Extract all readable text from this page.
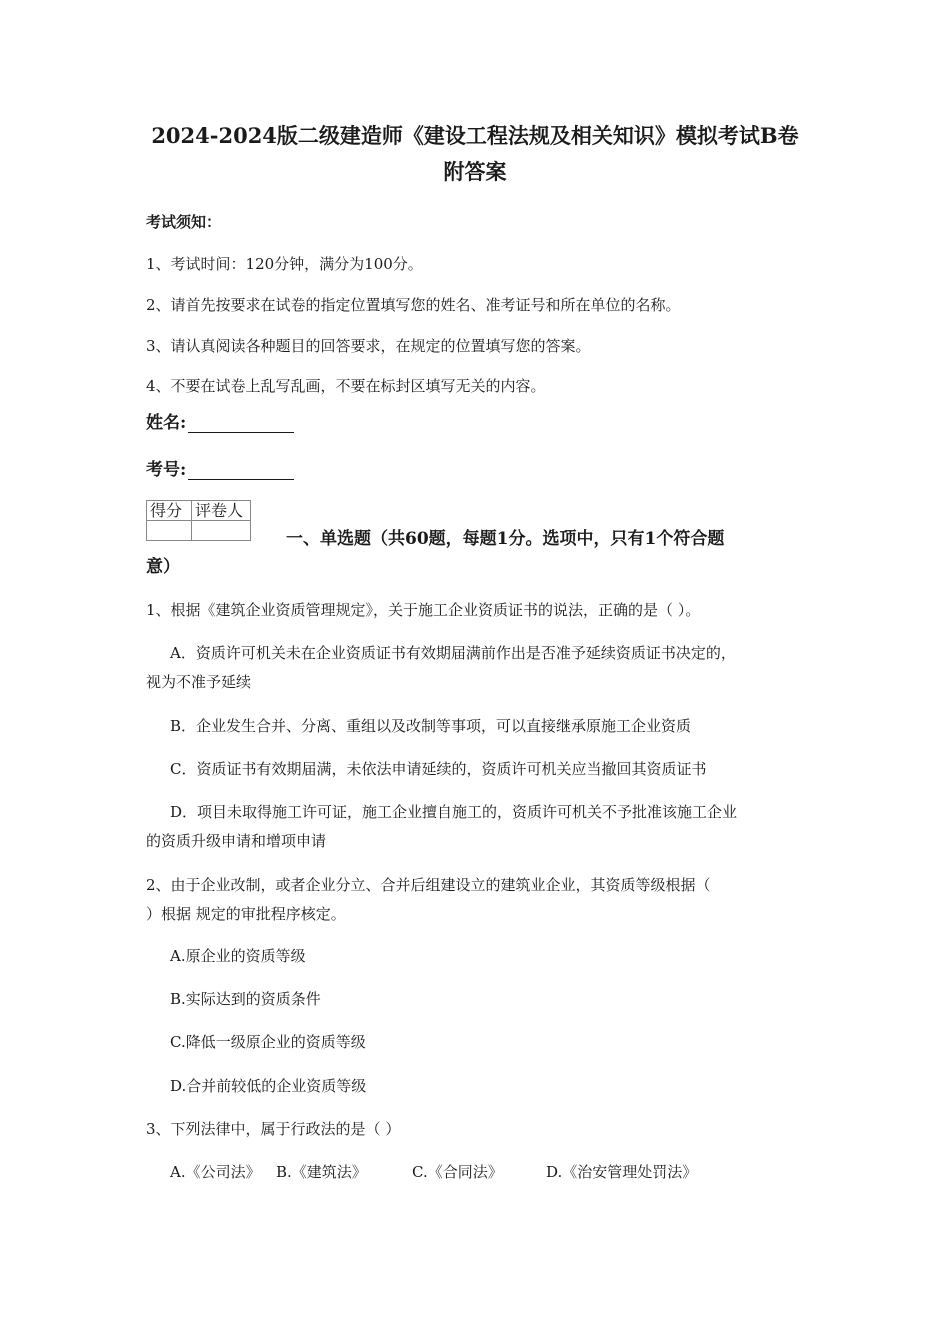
2024-2024版二级建造师《建设工程法规及相关知识》模拟考试B卷
附答案
考试须知：
1、考试时间：120分钟，满分为100分。
2、请首先按要求在试卷的指定位置填写您的姓名、准考证号和所在单位的名称。
3、请认真阅读各种题目的回答要求，在规定的位置填写您的答案。
4、不要在试卷上乱写乱画，不要在标封区填写无关的内容。
姓名:
考号:
得分	评卷人

一、单选题（共60题，每题1分。选项中，只有1个符合题
意）
1、根据《建筑企业资质管理规定》，关于施工企业资质证书的说法，正确的是（ ）。
A．资质许可机关未在企业资质证书有效期届满前作出是否准予延续资质证书决定的，
视为不准予延续
B．企业发生合并、分离、重组以及改制等事项，可以直接继承原施工企业资质
C．资质证书有效期届满，未依法申请延续的，资质许可机关应当撤回其资质证书
D．项目未取得施工许可证，施工企业擅自施工的，资质许可机关不予批准该施工企业
的资质升级申请和增项申请
2、由于企业改制，或者企业分立、合并后组建设立的建筑业企业，其资质等级根据（
）根据 规定的审批程序核定。
A.原企业的资质等级
B.实际达到的资质条件
C.降低一级原企业的资质等级
D.合并前较低的企业资质等级
3、下列法律中，属于行政法的是（ ）
A.《公司法》 B.《建筑法》	C.《合同法》	D.《治安管理处罚法》
